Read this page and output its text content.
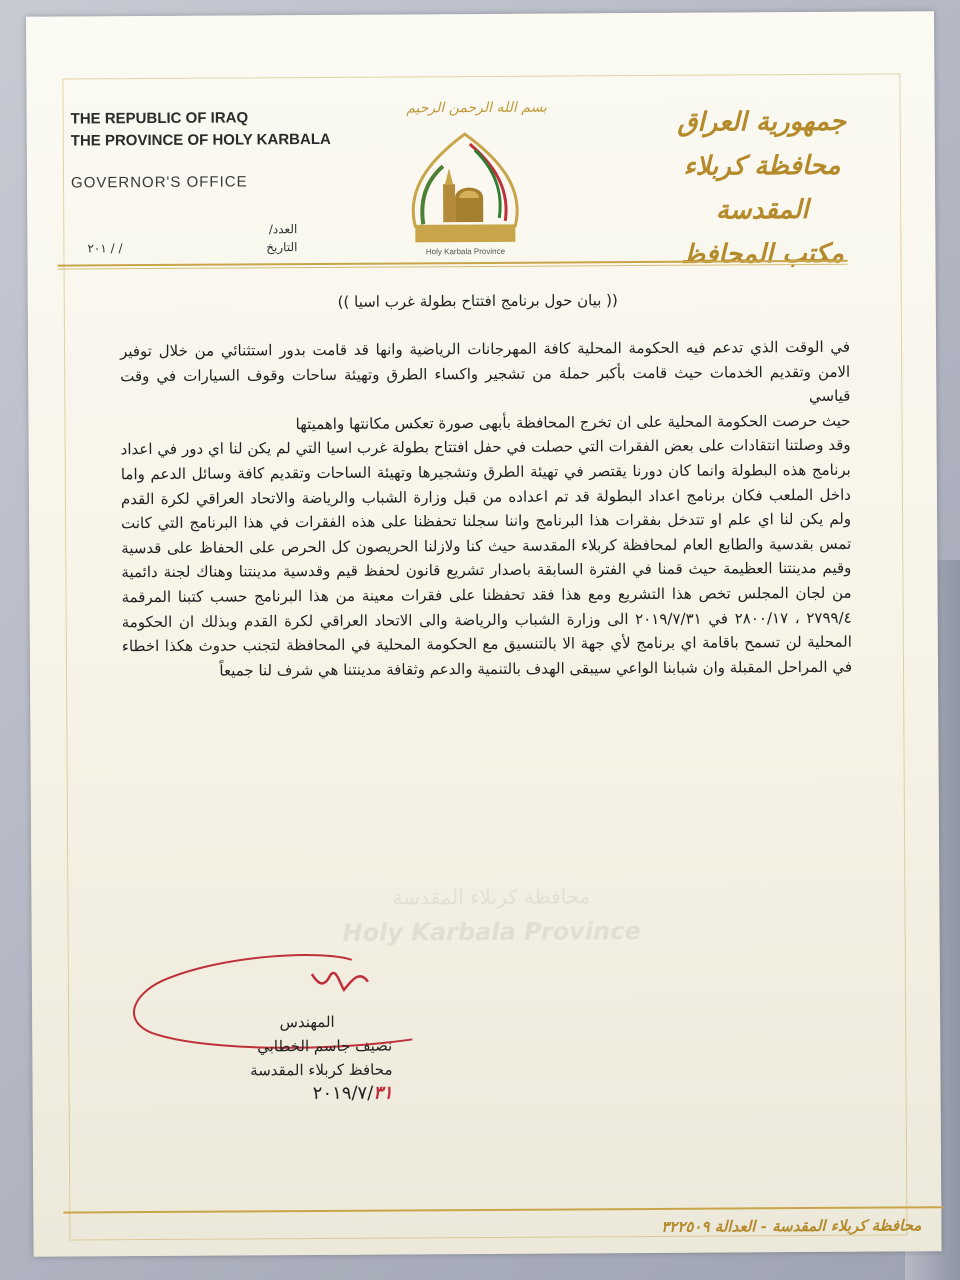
THE REPUBLIC OF IRAQ
THE PROVINCE OF HOLY KARBALA
GOVERNOR'S OFFICE
بسم الله الرحمن الرحيم
Holy Karbala Province
جمهورية العراق
محافظة كربلاء المقدسة
مكتب المحافظ
العدد/
التاريخ
٢٠١ / /
(( بيان حول برنامج افتتاح بطولة غرب اسيا ))

في الوقت الذي تدعم فيه الحكومة المحلية كافة المهرجانات الرياضية وانها قد قامت بدور استثنائي من خلال توفير الامن وتقديم الخدمات حيث قامت بأكبر حملة من تشجير واكساء الطرق وتهيئة ساحات وقوف السيارات في وقت قياسي

حيث حرصت الحكومة المحلية على ان تخرج المحافظة بأبهى صورة تعكس مكانتها واهميتها

وقد وصلتنا انتقادات على بعض الفقرات التي حصلت في حفل افتتاح بطولة غرب اسيا التي لم يكن لنا اي دور في اعداد برنامج هذه البطولة وانما كان دورنا يقتصر في تهيئة الطرق وتشجيرها وتهيئة الساحات وتقديم كافة وسائل الدعم واما داخل الملعب فكان برنامج اعداد البطولة قد تم اعداده من قبل وزارة الشباب والرياضة والاتحاد العراقي لكرة القدم ولم يكن لنا اي علم او تتدخل بفقرات هذا البرنامج واننا سجلنا تحفظنا على هذه الفقرات في هذا البرنامج التي كانت تمس بقدسية والطابع العام لمحافظة كربلاء المقدسة حيث كنا ولازلنا الحريصون كل الحرص على الحفاظ على قدسية وقيم مدينتنا العظيمة حيث قمنا في الفترة السابقة باصدار تشريع قانون لحفظ قيم وقدسية مدينتنا وهناك لجنة دائمية من لجان المجلس تخص هذا التشريع ومع هذا فقد تحفظنا على فقرات معينة من هذا البرنامج حسب كتبنا المرقمة ٢٧٩٩/٤ ، ٢٨٠٠/١٧ في ٢٠١٩/٧/٣١ الى وزارة الشباب والرياضة والى الاتحاد العراقي لكرة القدم وبذلك ان الحكومة المحلية لن تسمح باقامة اي برنامج لأي جهة الا بالتنسيق مع الحكومة المحلية في المحافظة لتجنب حدوث هكذا اخطاء في المراحل المقبلة وان شبابنا الواعي سيبقى الهدف بالتنمية والدعم وثقافة مدينتنا هي شرف لنا جميعاً

محافظة كربلاء المقدسة
Holy Karbala Province
المهندس
نصيف جاسم الخطابي
محافظ كربلاء المقدسة
٢٠١٩/٧/٣١
محافظة كربلاء المقدسة - العدالة ٣٢٢٥٠٩
